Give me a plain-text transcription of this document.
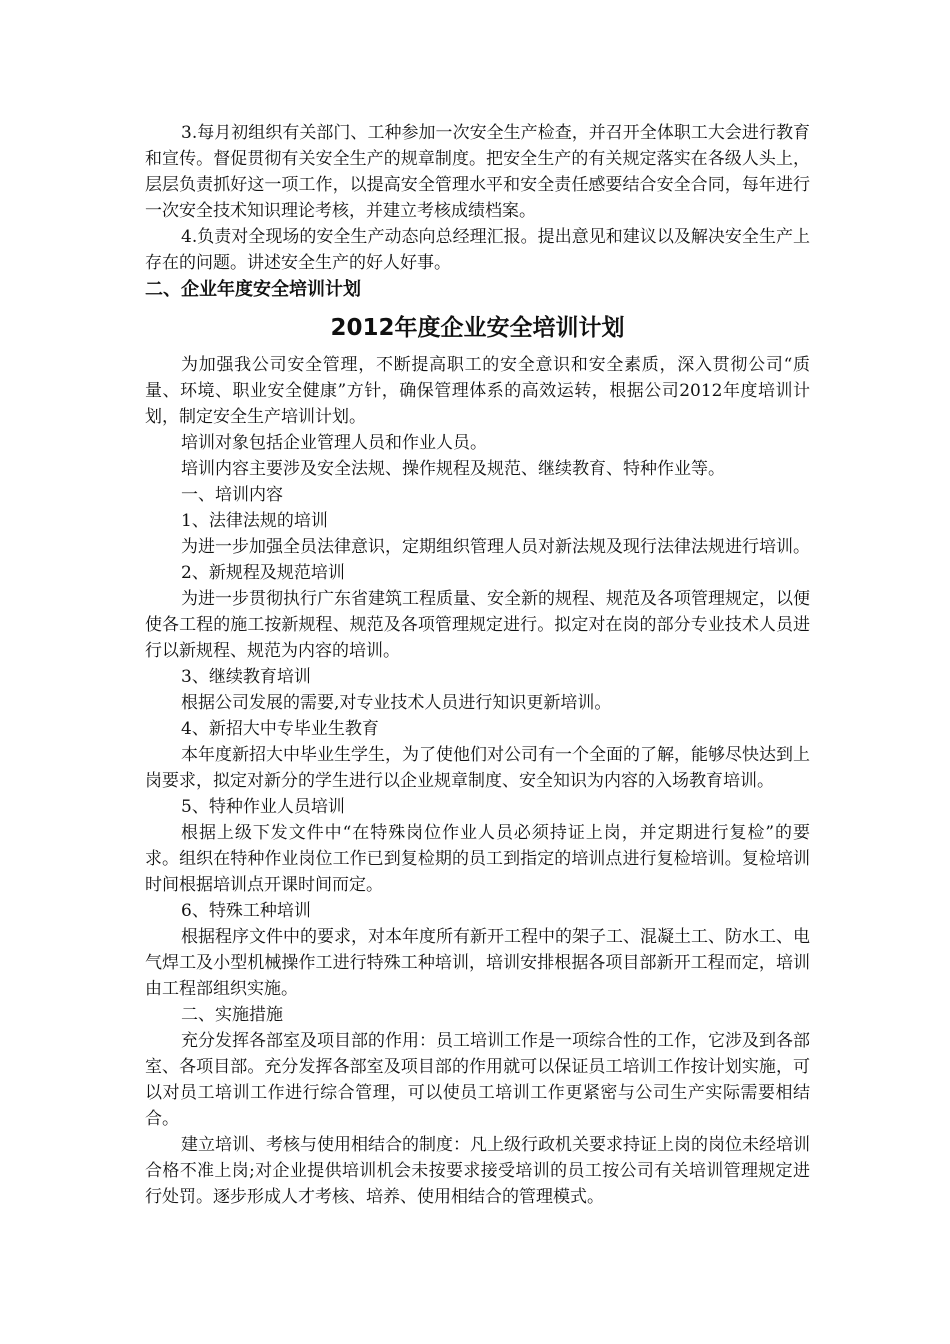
3.每月初组织有关部门、工种参加一次安全生产检查，并召开全体职工大会进行教育和宣传。督促贯彻有关安全生产的规章制度。把安全生产的有关规定落实在各级人头上，层层负责抓好这一项工作，以提高安全管理水平和安全责任感要结合安全合同，每年进行一次安全技术知识理论考核，并建立考核成绩档案。

4.负责对全现场的安全生产动态向总经理汇报。提出意见和建议以及解决安全生产上存在的问题。讲述安全生产的好人好事。

二、企业年度安全培训计划

2012年度企业安全培训计划

为加强我公司安全管理，不断提高职工的安全意识和安全素质，深入贯彻公司“质量、环境、职业安全健康”方针，确保管理体系的高效运转，根据公司2012年度培训计划，制定安全生产培训计划。

培训对象包括企业管理人员和作业人员。

培训内容主要涉及安全法规、操作规程及规范、继续教育、特种作业等。

一、培训内容

1、法律法规的培训

为进一步加强全员法律意识，定期组织管理人员对新法规及现行法律法规进行培训。

2、新规程及规范培训

为进一步贯彻执行广东省建筑工程质量、安全新的规程、规范及各项管理规定，以便使各工程的施工按新规程、规范及各项管理规定进行。拟定对在岗的部分专业技术人员进行以新规程、规范为内容的培训。

3、继续教育培训

根据公司发展的需要,对专业技术人员进行知识更新培训。

4、新招大中专毕业生教育

本年度新招大中毕业生学生，为了使他们对公司有一个全面的了解，能够尽快达到上岗要求，拟定对新分的学生进行以企业规章制度、安全知识为内容的入场教育培训。

5、特种作业人员培训

根据上级下发文件中“在特殊岗位作业人员必须持证上岗，并定期进行复检”的要求。组织在特种作业岗位工作已到复检期的员工到指定的培训点进行复检培训。复检培训时间根据培训点开课时间而定。

6、特殊工种培训

根据程序文件中的要求，对本年度所有新开工程中的架子工、混凝土工、防水工、电气焊工及小型机械操作工进行特殊工种培训，培训安排根据各项目部新开工程而定，培训由工程部组织实施。

二、实施措施

充分发挥各部室及项目部的作用：员工培训工作是一项综合性的工作，它涉及到各部室、各项目部。充分发挥各部室及项目部的作用就可以保证员工培训工作按计划实施，可以对员工培训工作进行综合管理，可以使员工培训工作更紧密与公司生产实际需要相结合。

建立培训、考核与使用相结合的制度：凡上级行政机关要求持证上岗的岗位未经培训合格不准上岗;对企业提供培训机会未按要求接受培训的员工按公司有关培训管理规定进行处罚。逐步形成人才考核、培养、使用相结合的管理模式。
